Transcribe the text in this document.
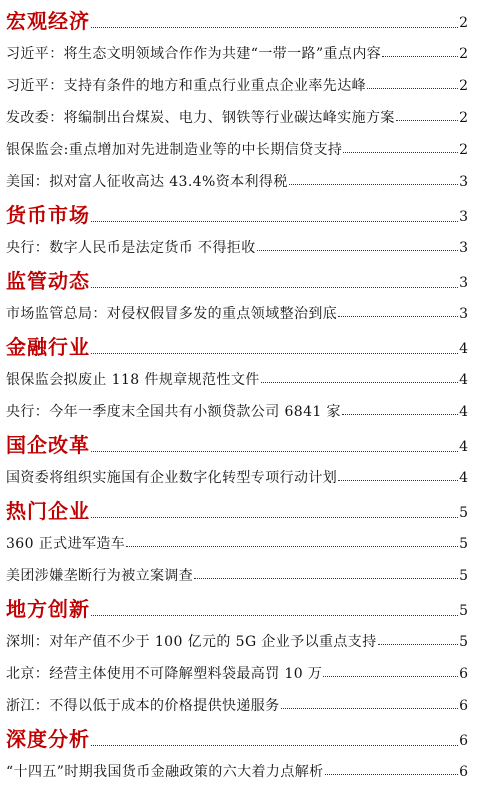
宏观经济	2
习近平：将生态文明领域合作作为共建“一带一路”重点内容	2
习近平：支持有条件的地方和重点行业重点企业率先达峰	2
发改委：将编制出台煤炭、电力、钢铁等行业碳达峰实施方案	2
银保监会:重点增加对先进制造业等的中长期信贷支持	2
美国：拟对富人征收高达 43.4%资本利得税	3
货币市场	3
央行：数字人民币是法定货币 不得拒收	3
监管动态	3
市场监管总局：对侵权假冒多发的重点领域整治到底	3
金融行业	4
银保监会拟废止 118 件规章规范性文件	4
央行：今年一季度末全国共有小额贷款公司 6841 家	4
国企改革	4
国资委将组织实施国有企业数字化转型专项行动计划	4
热门企业	5
360 正式进军造车	5
美团涉嫌垄断行为被立案调查	5
地方创新	5
深圳：对年产值不少于 100 亿元的 5G 企业予以重点支持	5
北京：经营主体使用不可降解塑料袋最高罚 10 万	6
浙江：不得以低于成本的价格提供快递服务	6
深度分析	6
“十四五”时期我国货币金融政策的六大着力点解析	6
